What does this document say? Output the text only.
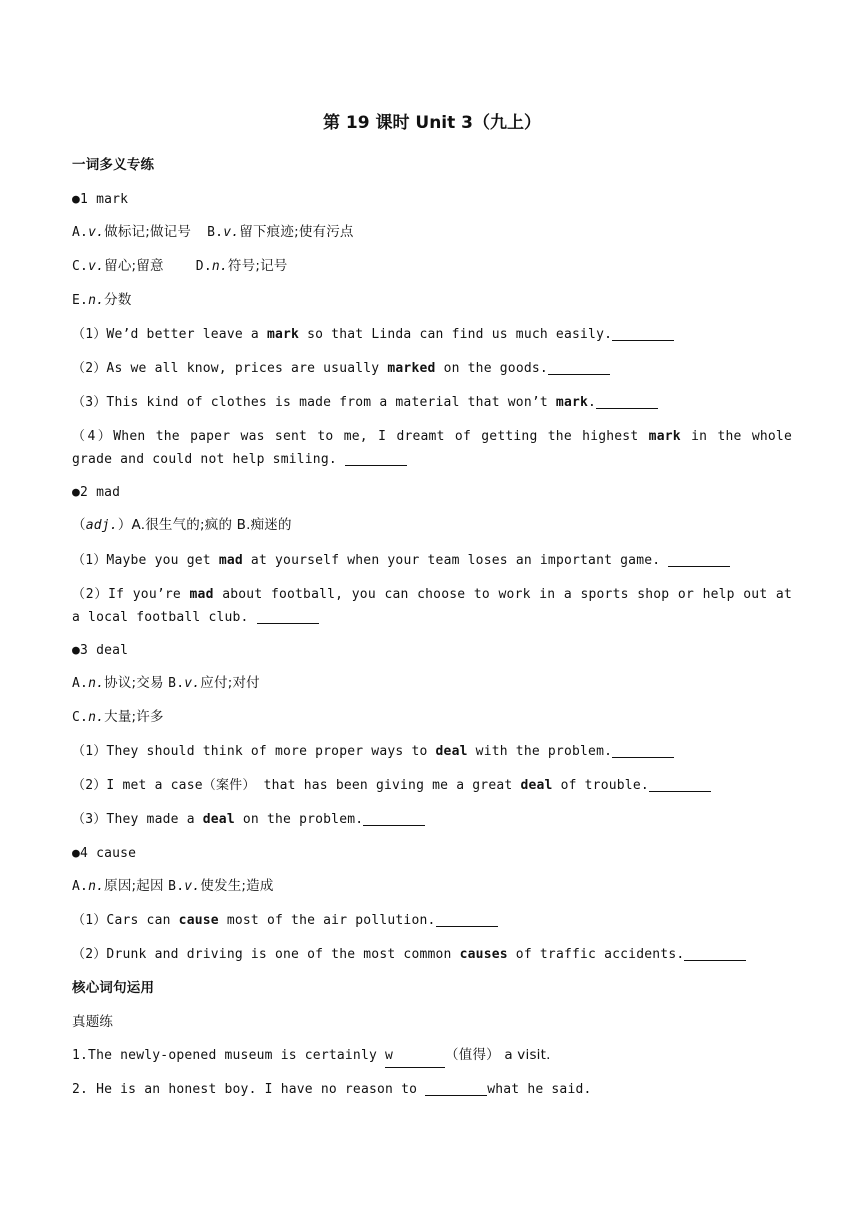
第 19 课时 Unit 3（九上）
一词多义专练
●1 mark
A.v.做标记;做记号 B.v.留下痕迹;使有污点
C.v.留心;留意 D.n.符号;记号
E.n.分数
（1）We’d better leave a mark so that Linda can find us much easily.
（2）As we all know, prices are usually marked on the goods.
（3）This kind of clothes is made from a material that won’t mark.
（4）When the paper was sent to me, I dreamt of getting the highest mark in the whole grade and could not help smiling.
●2 mad
（adj.）A.很生气的;疯的 B.痴迷的
（1）Maybe you get mad at yourself when your team loses an important game.
（2）If you’re mad about football, you can choose to work in a sports shop or help out at a local football club.
●3 deal
A.n.协议;交易 B.v.应付;对付
C.n.大量;许多
（1）They should think of more proper ways to deal with the problem.
（2）I met a case（案件） that has been giving me a great deal of trouble.
（3）They made a deal on the problem.
●4 cause
A.n.原因;起因 B.v.使发生;造成
（1）Cars can cause most of the air pollution.
（2）Drunk and driving is one of the most common causes of traffic accidents.
核心词句运用
真题练
1.The newly-opened museum is certainly w	（值得） a visit.
2. He is an honest boy. I have no reason to	what he said.
